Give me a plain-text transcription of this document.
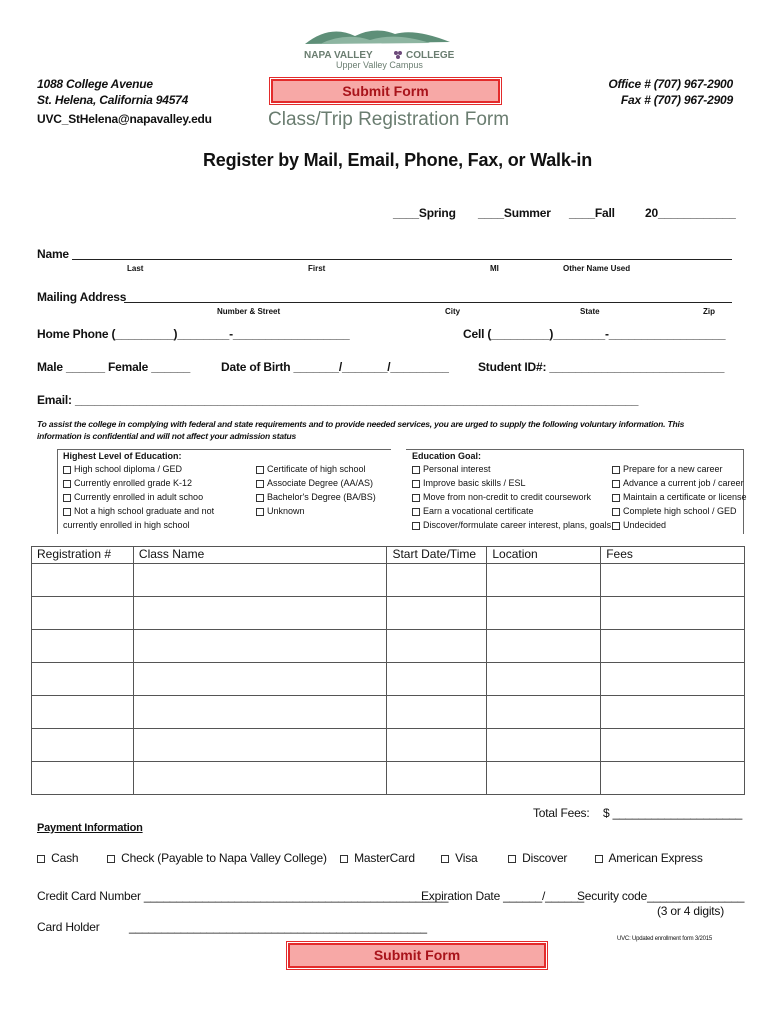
NAPA VALLEY	COLLEGE
Upper Valley Campus
1088 College Avenue
St. Helena, California 94574
UVC_StHelena@napavalley.edu
Office # (707) 967-2900
Fax # (707) 967-2909
Submit Form
Class/Trip Registration Form
Register by Mail, Email, Phone, Fax, or Walk-in
____Spring ____Summer ____Fall	20____________
Name
Last	First	MI	Other Name Used
Mailing Address
Number & Street	City	State	Zip
Home Phone (_________)________-__________________	Cell (_________)________-__________________
Male ______ Female ______	Date of Birth _______/_______/_________ Student ID#: ___________________________
Email: _______________________________________________________________________________________
To assist the college in complying with federal and state requirements and to provide needed services, you are urged to supply the following voluntary information. This information is confidential and will not affect your admission status
Highest Level of Education:
High school diploma / GED
Currently enrolled grade K-12
Currently enrolled in adult schoo
Not a high school graduate and not
currently enrolled in high school
Certificate of high school
Associate Degree (AA/AS)
Bachelor's Degree (BA/BS)
Unknown
Education Goal:
Personal interest
Improve basic skills / ESL
Move from non-credit to credit coursework
Earn a vocational certificate
Discover/formulate career interest, plans, goals
Prepare for a new career
Advance a current job / career
Maintain a certificate or license
Complete high school / GED
Undecided
Registration #	Class Name	Start Date/Time	Location	Fees

Total Fees: $ ____________________
Payment Information
Cash	Check (Payable to Napa Valley College)	MasterCard	Visa	Discover	American Express
Credit Card Number _______________________________________________
Expiration Date ______/______
Security code_______________
(3 or 4 digits)
Card Holder ______________________________________________
UVC: Updated enrollment form 3/2015
Submit Form
